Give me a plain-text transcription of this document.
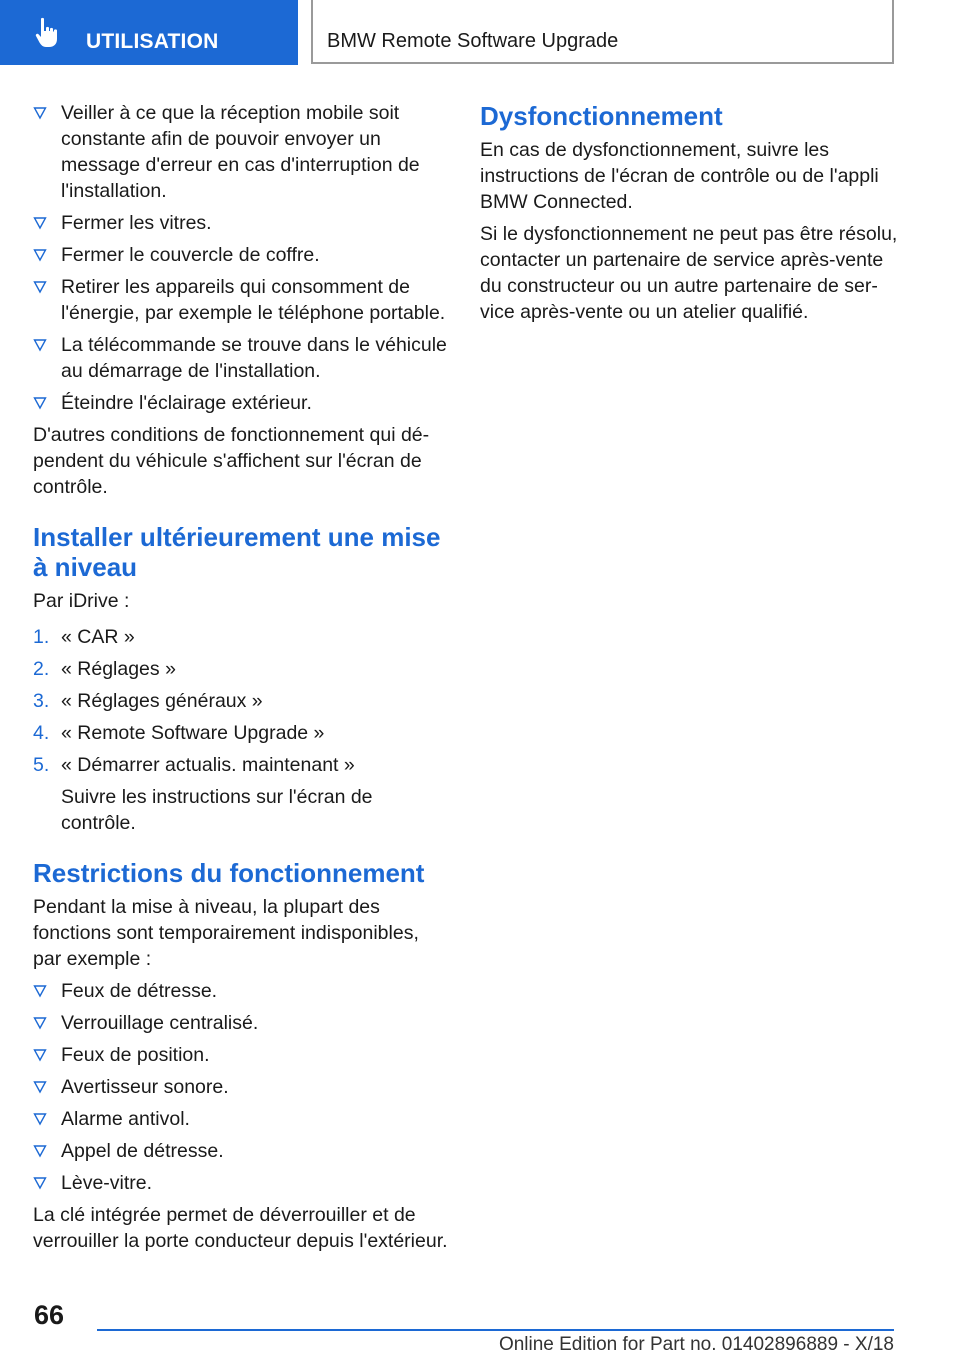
UTILISATION	BMW Remote Software Upgrade
Veiller à ce que la réception mobile soit constante afin de pouvoir envoyer un message d'erreur en cas d'interruption de l'installation.
Fermer les vitres.
Fermer le couvercle de coffre.
Retirer les appareils qui consomment de l'énergie, par exemple le téléphone portable.
La télécommande se trouve dans le véhicule au démarrage de l'installation.
Éteindre l'éclairage extérieur.

D'autres conditions de fonctionnement qui dépendent du véhicule s'affichent sur l'écran de contrôle.

Installer ultérieurement une mise à niveau

Par iDrive :

1. « CAR »
2. « Réglages »
3. « Réglages généraux »
4. « Remote Software Upgrade »
5. « Démarrer actualis. maintenant »

Suivre les instructions sur l'écran de contrôle.

Restrictions du fonctionnement

Pendant la mise à niveau, la plupart des fonctions sont temporairement indisponibles, par exemple :

Feux de détresse.
Verrouillage centralisé.
Feux de position.
Avertisseur sonore.
Alarme antivol.
Appel de détresse.
Lève-vitre.

La clé intégrée permet de déverrouiller et de verrouiller la porte conducteur depuis l'extérieur.

Dysfonctionnement

En cas de dysfonctionnement, suivre les instructions de l'écran de contrôle ou de l'appli BMW Connected.

Si le dysfonctionnement ne peut pas être résolu, contacter un partenaire de service après-vente du constructeur ou un autre partenaire de service après-vente ou un atelier qualifié.

66
Online Edition for Part no. 01402896889 - X/18
